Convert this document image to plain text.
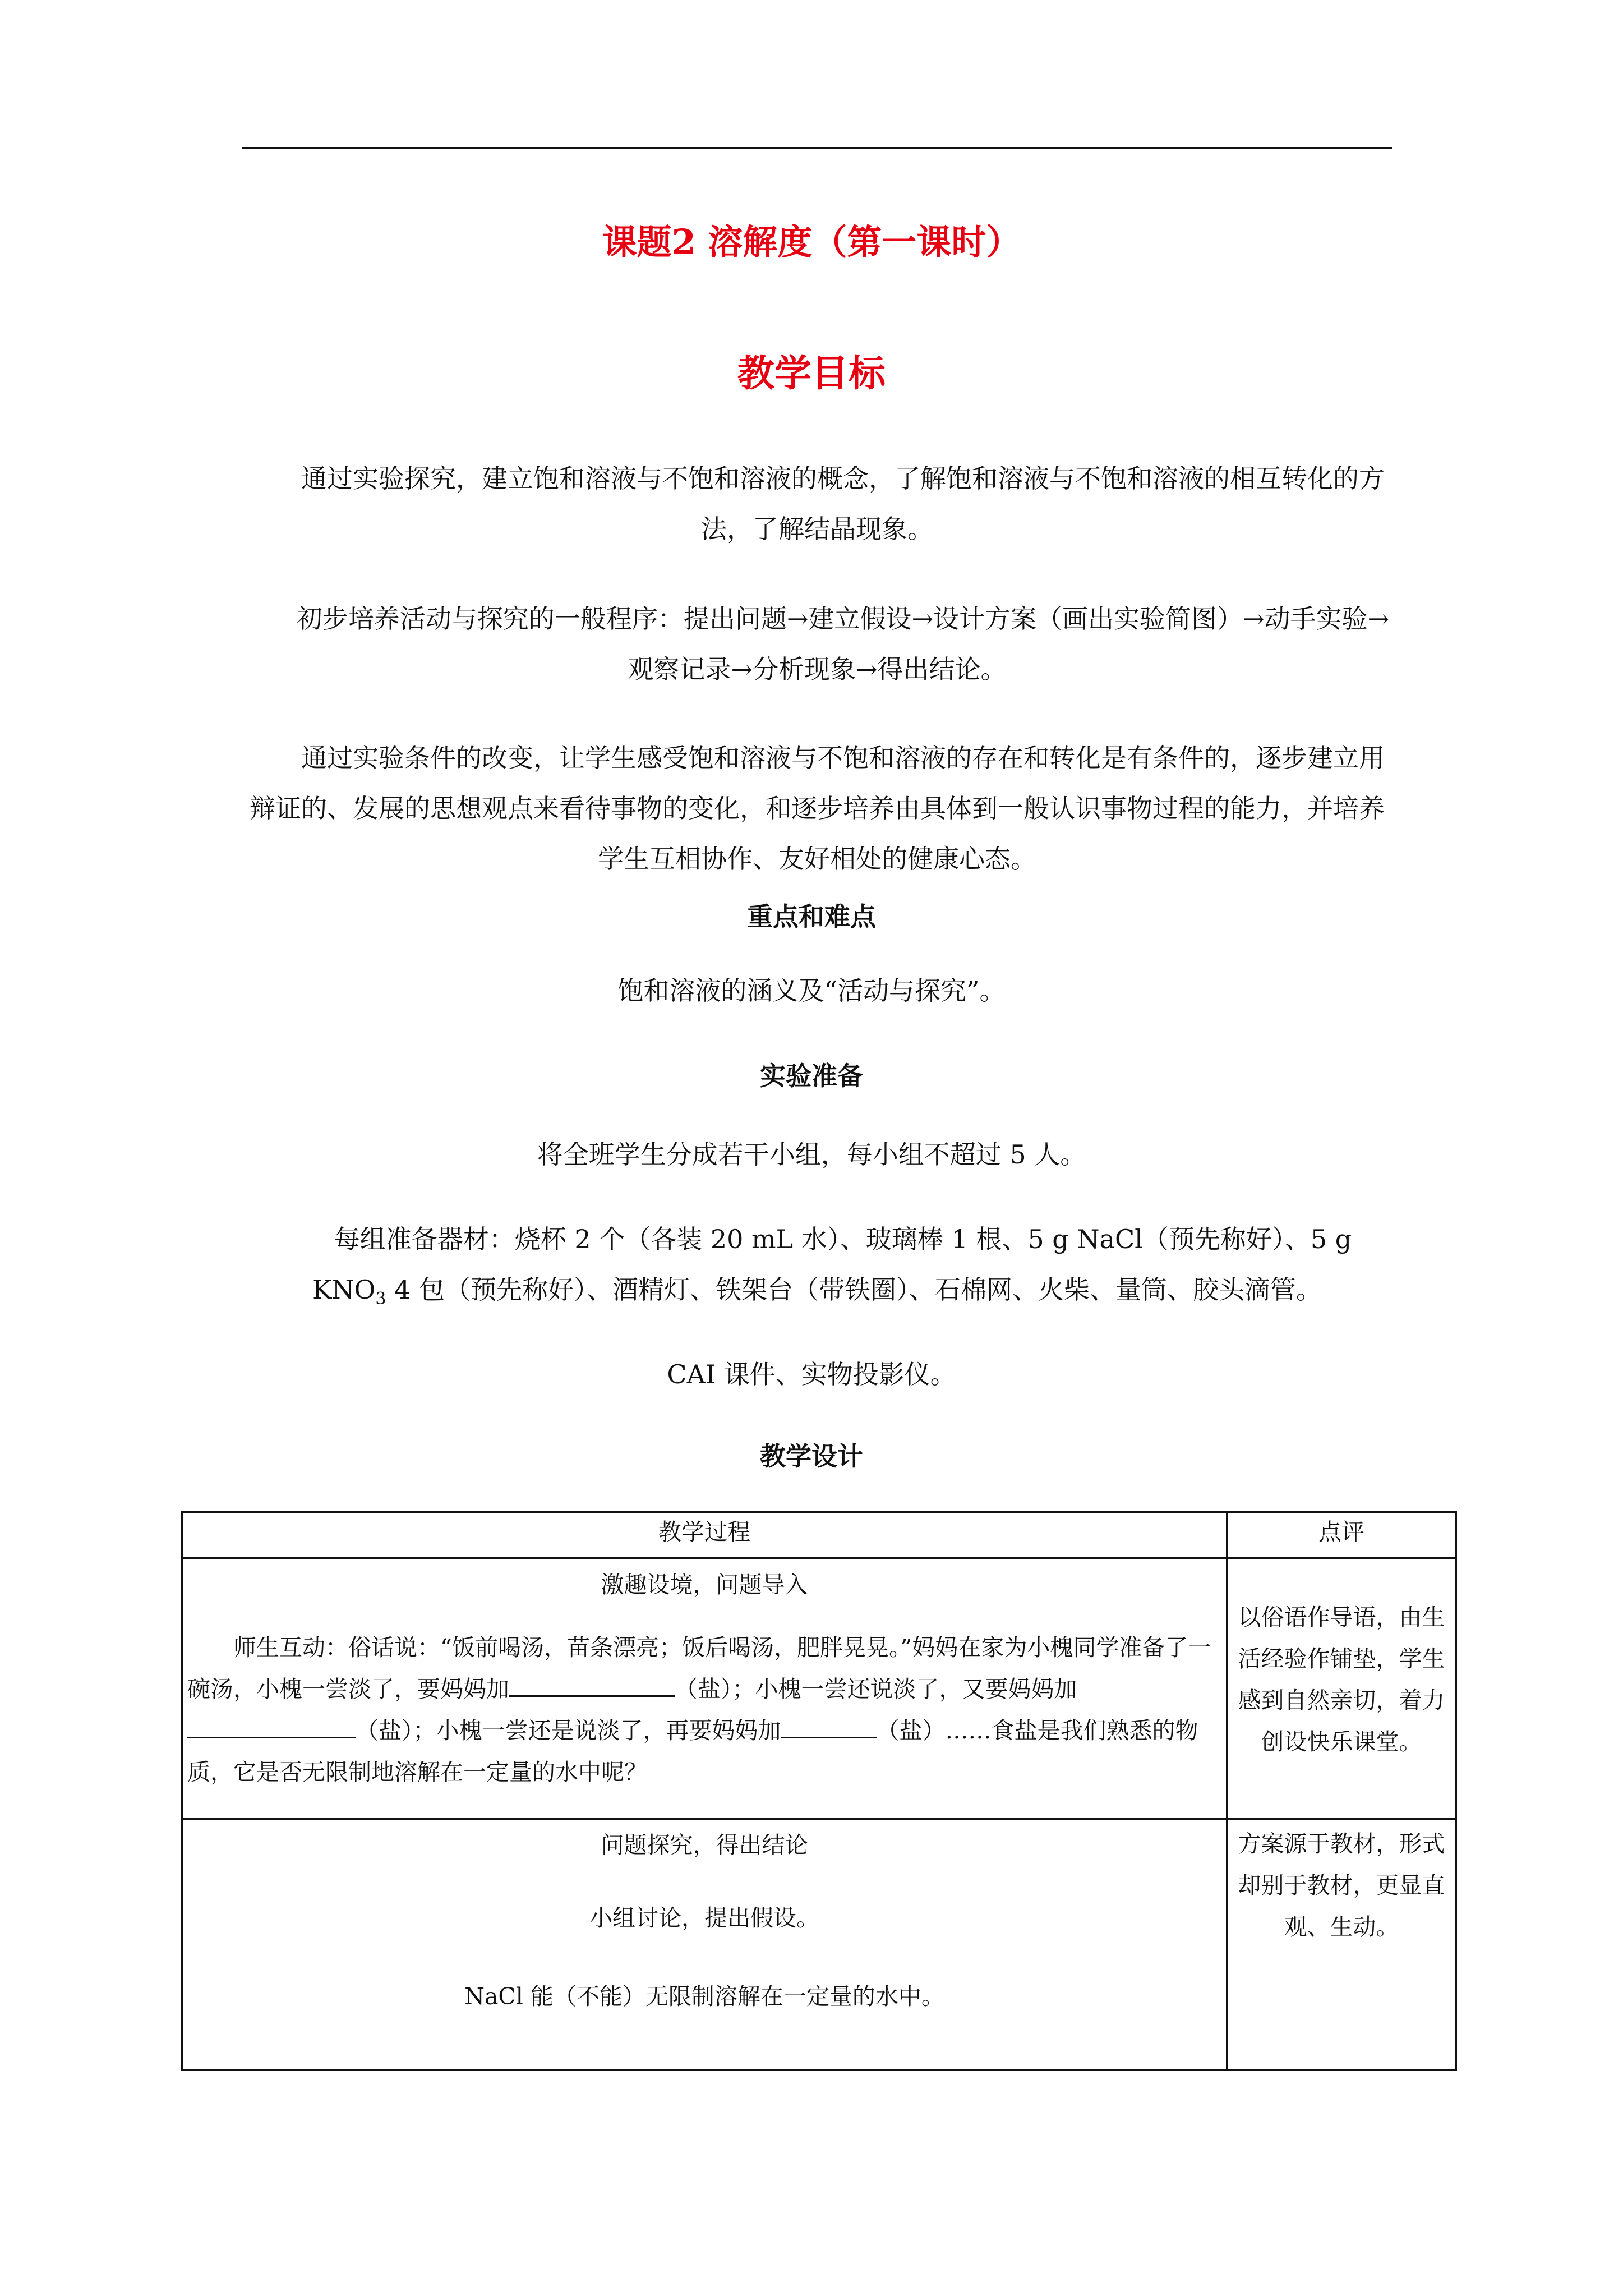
课题2 溶解度（第一课时）
教学目标

通过实验探究，建立饱和溶液与不饱和溶液的概念，了解饱和溶液与不饱和溶液的相互转化的方法，了解结晶现象。

初步培养活动与探究的一般程序：提出问题→建立假设→设计方案（画出实验简图）→动手实验→观察记录→分析现象→得出结论。

通过实验条件的改变，让学生感受饱和溶液与不饱和溶液的存在和转化是有条件的，逐步建立用辩证的、发展的思想观点来看待事物的变化，和逐步培养由具体到一般认识事物过程的能力，并培养学生互相协作、友好相处的健康心态。

重点和难点
饱和溶液的涵义及“活动与探究”。
实验准备
将全班学生分成若干小组，每小组不超过 5 人。

每组准备器材：烧杯 2 个（各装 20 mL 水）、玻璃棒 1 根、5 g NaCl（预先称好）、5 g $KNO_3$ 4 包（预先称好）、酒精灯、铁架台（带铁圈）、石棉网、火柴、量筒、胶头滴管。

CAI 课件、实物投影仪。
教学设计
教学过程	点评

激趣设境，问题导入
师生互动：俗话说：“饭前喝汤，苗条漂亮；饭后喝汤，肥胖晃晃。”妈妈在家为小槐同学准备了一碗汤，小槐一尝淡了，要妈妈加 （盐）；小槐一尝还说淡了，又要妈妈加（盐）；小槐一尝还是说淡了，再要妈妈加 （盐）……食盐是我们熟悉的物质，它是否无限制地溶解在一定量的水中呢？	以俗语作导语，由生活经验作铺垫，学生感到自然亲切，着力创设快乐课堂。

问题探究，得出结论
小组讨论，提出假设。
NaCl 能（不能）无限制溶解在一定量的水中。	方案源于教材，形式却别于教材，更显直观、生动。
